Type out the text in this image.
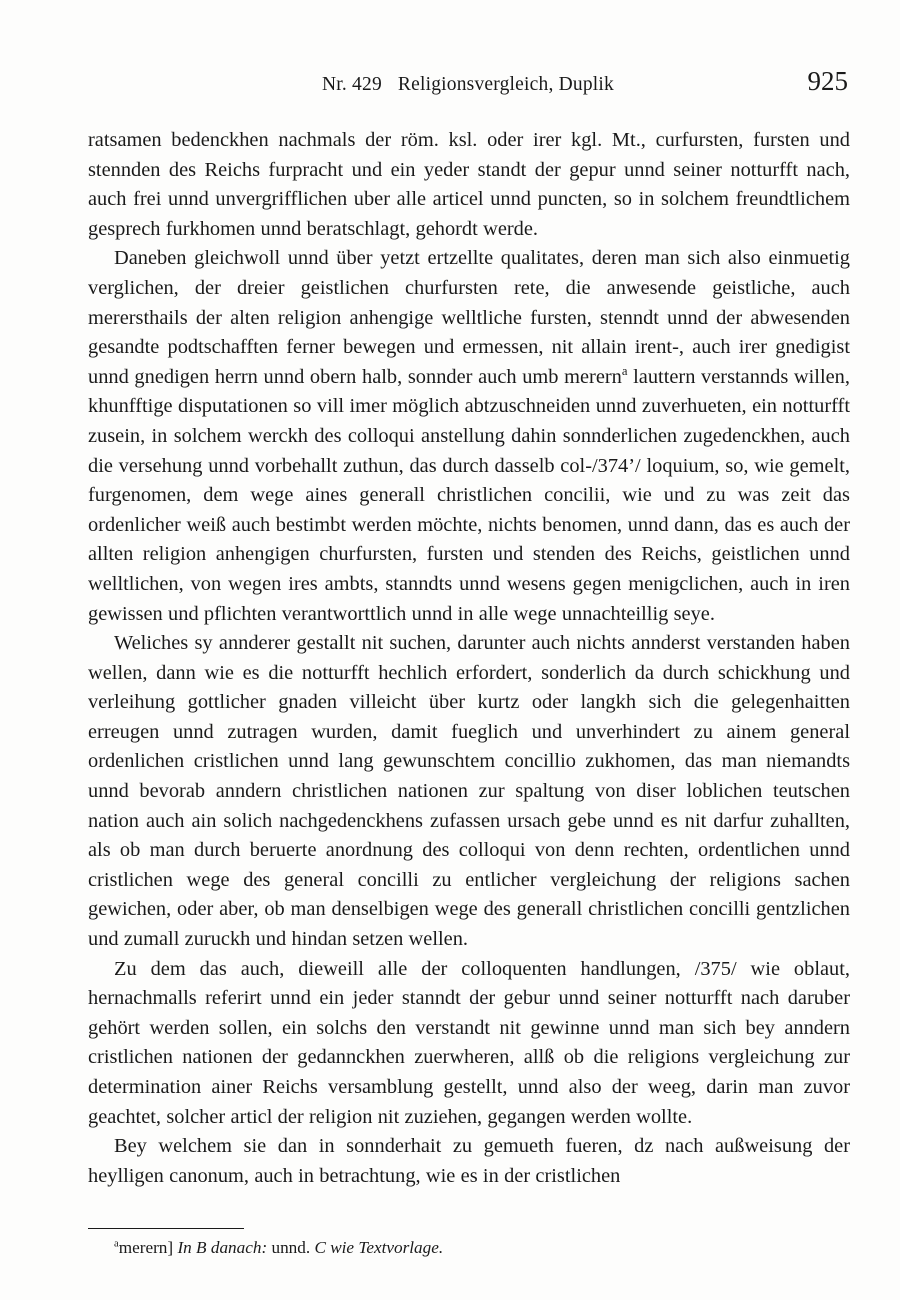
Nr. 429 Religionsvergleich, Duplik	925

ratsamen bedenckhen nachmals der röm. ksl. oder irer kgl. Mt., curfursten, fursten und stennden des Reichs furpracht und ein yeder standt der gepur unnd seiner notturfft nach, auch frei unnd unvergrifflichen uber alle articel unnd puncten, so in solchem freundtlichem gesprech furkhomen unnd beratschlagt, gehordt werde.

Daneben gleichwoll unnd über yetzt ertzellte qualitates, deren man sich also einmuetig verglichen, der dreier geistlichen churfursten rete, die anwesende geistliche, auch merersthails der alten religion anhengige welltliche fursten, stenndt unnd der abwesenden gesandte podtschafften ferner bewegen und ermessen, nit allain irent-, auch irer gnedigist unnd gnedigen herrn unnd obern halb, sonnder auch umb merern$^a$ lauttern verstannds willen, khunfftige disputationen so vill imer möglich abtzuschneiden unnd zuverhueten, ein notturfft zusein, in solchem werckh des colloqui anstellung dahin sonnderlichen zugedenckhen, auch die versehung unnd vorbehallt zuthun, das durch dasselb col-/374’/ loquium, so, wie gemelt, furgenomen, dem wege aines generall christlichen concilii, wie und zu was zeit das ordenlicher weiß auch bestimbt werden möchte, nichts benomen, unnd dann, das es auch der allten religion anhengigen churfursten, fursten und stenden des Reichs, geistlichen unnd welltlichen, von wegen ires ambts, stanndts unnd wesens gegen menigclichen, auch in iren gewissen und pflichten verantworttlich unnd in alle wege unnachteillig seye.

Weliches sy annderer gestallt nit suchen, darunter auch nichts annderst verstanden haben wellen, dann wie es die notturfft hechlich erfordert, sonderlich da durch schickhung und verleihung gottlicher gnaden villeicht über kurtz oder langkh sich die gelegenhaitten erreugen unnd zutragen wurden, damit fueglich und unverhindert zu ainem general ordenlichen cristlichen unnd lang gewunschtem concillio zukhomen, das man niemandts unnd bevorab anndern christlichen nationen zur spaltung von diser loblichen teutschen nation auch ain solich nachgedenckhens zufassen ursach gebe unnd es nit darfur zuhallten, als ob man durch beruerte anordnung des colloqui von denn rechten, ordentlichen unnd cristlichen wege des general concilli zu entlicher vergleichung der religions sachen gewichen, oder aber, ob man denselbigen wege des generall christlichen concilli gentzlichen und zumall zuruckh und hindan setzen wellen.

Zu dem das auch, dieweill alle der colloquenten handlungen, /375/ wie oblaut, hernachmalls referirt unnd ein jeder stanndt der gebur unnd seiner notturfft nach daruber gehört werden sollen, ein solchs den verstandt nit gewinne unnd man sich bey anndern cristlichen nationen der gedannckhen zuerwheren, allß ob die religions vergleichung zur determination ainer Reichs versamblung gestellt, unnd also der weeg, darin man zuvor geachtet, solcher articl der religion nit zuziehen, gegangen werden wollte.

Bey welchem sie dan in sonnderhait zu gemueth fueren, dz nach außweisung der heylligen canonum, auch in betrachtung, wie es in der cristlichen

$^a$merern] In B danach: unnd. C wie Textvorlage.
